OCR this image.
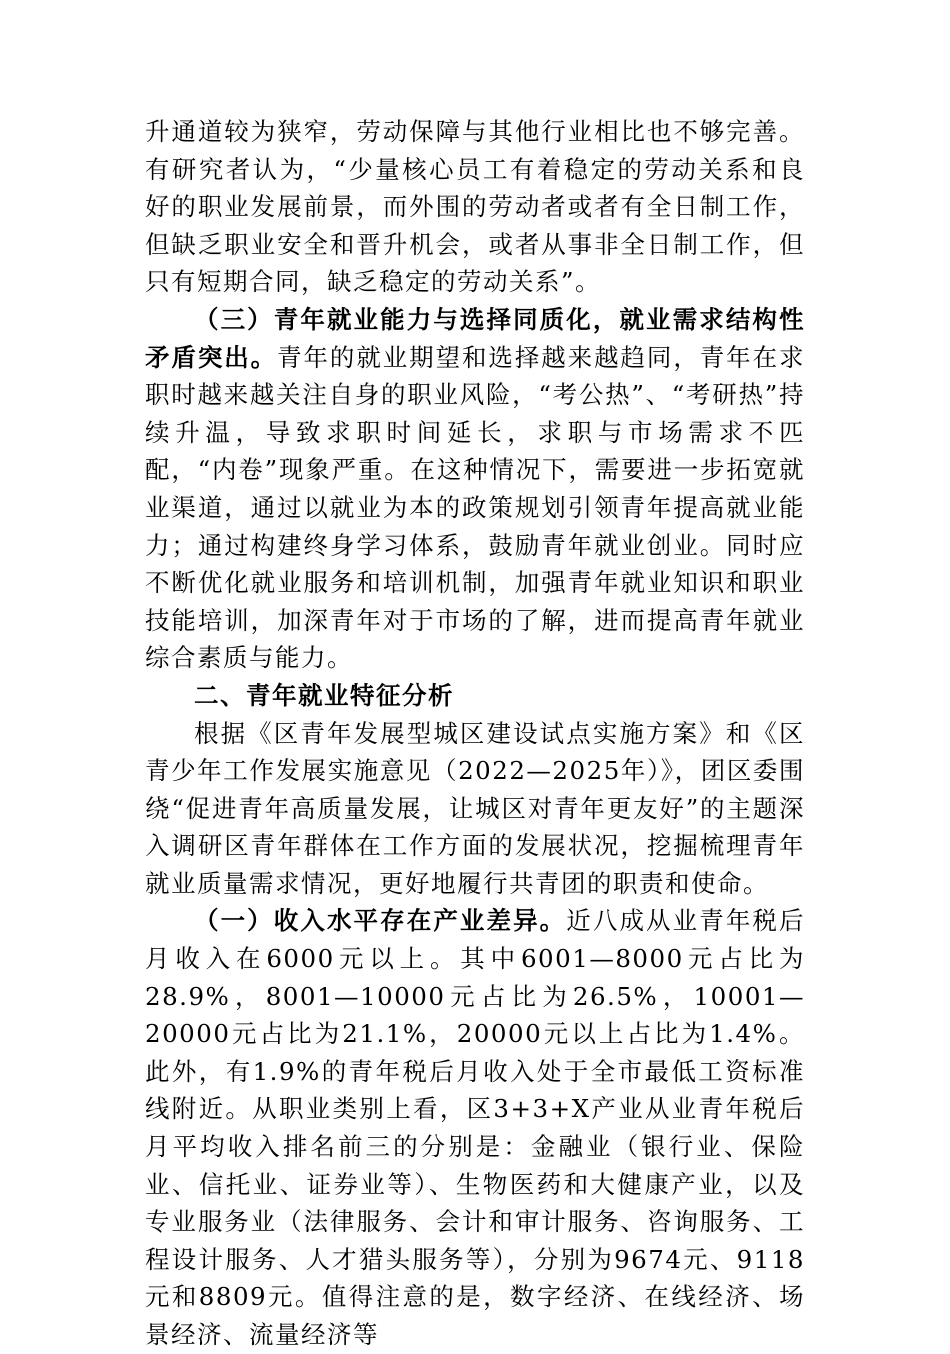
升通道较为狭窄，劳动保障与其他行业相比也不够完善。有研究者认为，“少量核心员工有着稳定的劳动关系和良好的职业发展前景，而外围的劳动者或者有全日制工作，但缺乏职业安全和晋升机会，或者从事非全日制工作，但只有短期合同，缺乏稳定的劳动关系”。

（三）青年就业能力与选择同质化，就业需求结构性矛盾突出。青年的就业期望和选择越来越趋同，青年在求职时越来越关注自身的职业风险，“考公热”、“考研热”持续升温，导致求职时间延长，求职与市场需求不匹配，“内卷”现象严重。在这种情况下，需要进一步拓宽就业渠道，通过以就业为本的政策规划引领青年提高就业能力；通过构建终身学习体系，鼓励青年就业创业。同时应不断优化就业服务和培训机制，加强青年就业知识和职业技能培训，加深青年对于市场的了解，进而提高青年就业综合素质与能力。

二、青年就业特征分析

根据《区青年发展型城区建设试点实施方案》和《区青少年工作发展实施意见（2022—2025年）》，团区委围绕“促进青年高质量发展，让城区对青年更友好”的主题深入调研区青年群体在工作方面的发展状况，挖掘梳理青年就业质量需求情况，更好地履行共青团的职责和使命。

（一）收入水平存在产业差异。近八成从业青年税后月收入在6000元以上。其中6001—8000元占比为28.9%，8001—10000元占比为26.5%，10001—20000元占比为21.1%，20000元以上占比为1.4%。此外，有1.9%的青年税后月收入处于全市最低工资标准线附近。从职业类别上看，区3+3+X产业从业青年税后月平均收入排名前三的分别是：金融业（银行业、保险业、信托业、证券业等）、生物医药和大健康产业，以及专业服务业（法律服务、会计和审计服务、咨询服务、工程设计服务、人才猎头服务等），分别为9674元、9118元和8809元。值得注意的是，数字经济、在线经济、场景经济、流量经济等
